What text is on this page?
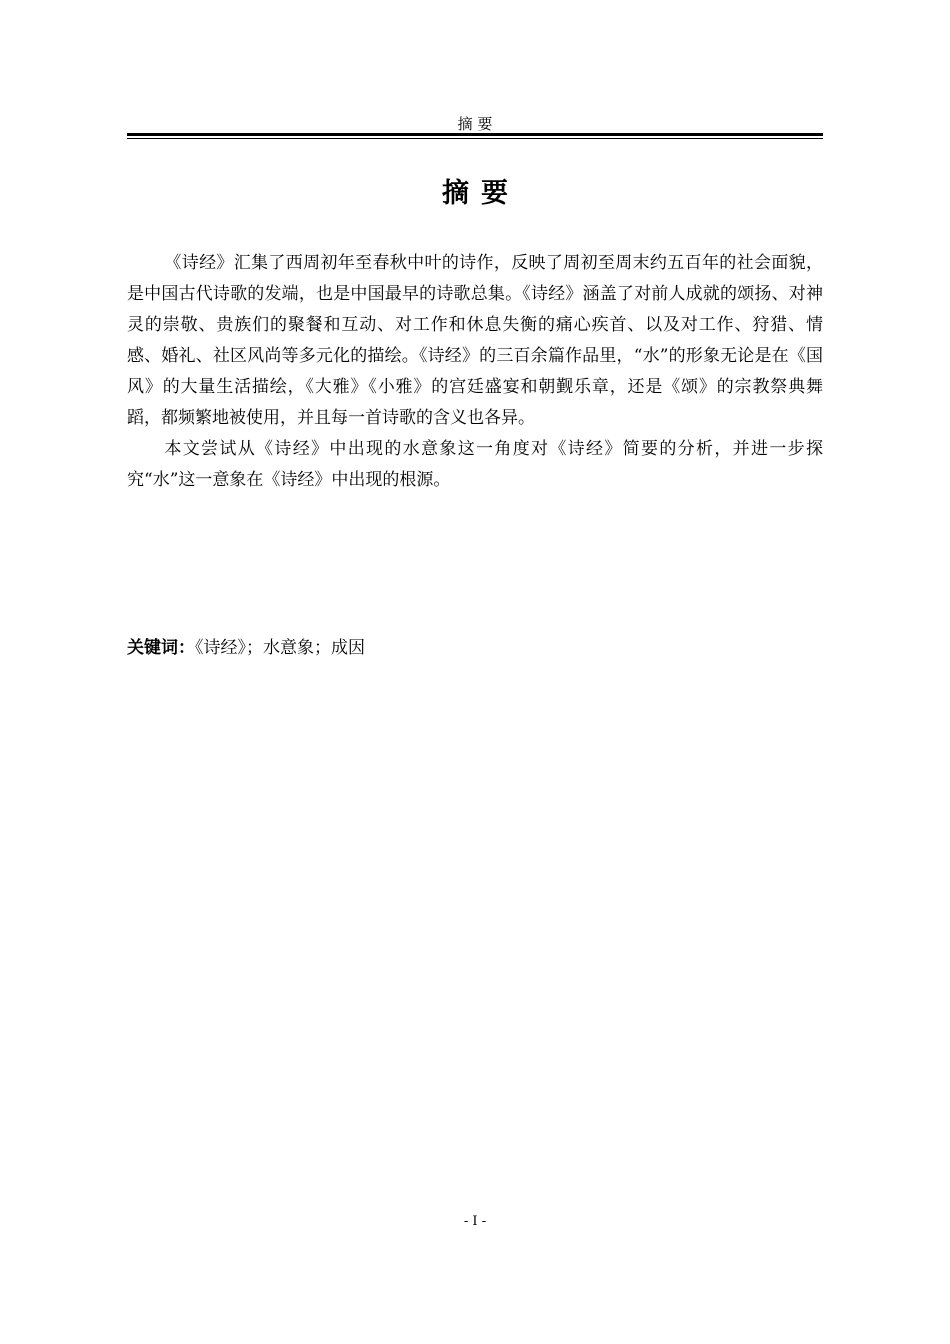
摘 要
摘要

《诗经》汇集了西周初年至春秋中叶的诗作，反映了周初至周末约五百年的社会面貌，是中国古代诗歌的发端，也是中国最早的诗歌总集。《诗经》涵盖了对前人成就的颂扬、对神灵的崇敬、贵族们的聚餐和互动、对工作和休息失衡的痛心疾首、以及对工作、狩猎、情感、婚礼、社区风尚等多元化的描绘。《诗经》的三百余篇作品里，“水”的形象无论是在《国风》的大量生活描绘，《大雅》《小雅》的宫廷盛宴和朝觐乐章，还是《颂》的宗教祭典舞蹈，都频繁地被使用，并且每一首诗歌的含义也各异。

本文尝试从《诗经》中出现的水意象这一角度对《诗经》简要的分析，并进一步探究“水”这一意象在《诗经》中出现的根源。

关键词：《诗经》；水意象；成因
- I -
